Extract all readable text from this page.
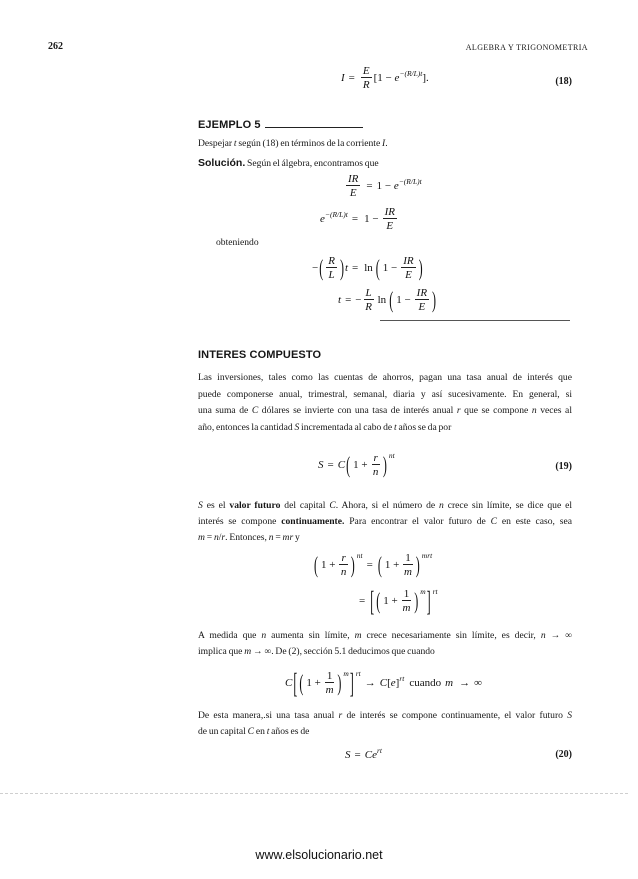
262	ALGEBRA Y TRIGONOMETRIA
$I = \frac{E}{R} [1 - e^{-(R/L)t}]$.	(18)
EJEMPLO 5
Despejar t según (18) en términos de la corriente I.
Solución. Según el álgebra, encontramos que
$\frac{IR}{E} = 1 - e^{-(R/L)t}$
$e^{-(R/L)t} = 1 - \frac{IR}{E}$
obteniendo
− ( $\frac{R}{L}$ ) t = ln ( $1 - \frac{IR}{E}$ )
t = − $\frac{L}{R}$ ln ( $1 - \frac{IR}{E}$ )
INTERES COMPUESTO
Las inversiones, tales como las cuentas de ahorros, pagan una tasa anual de interés que
puede componerse anual, trimestral, semanal, diaria y así sucesivamente. En general, si
una suma de C dólares se invierte con una tasa de interés anual r que se compone n veces al
año, entonces la cantidad S incrementada al cabo de t años se da por
S = C ( $1 + \frac{r}{n}$ ) nt
(19)
S es el valor futuro del capital C. Ahora, si el número de n crece sin límite, se dice que el
interés se compone continuamente. Para encontrar el valor futuro de C en este caso, sea
m = n/r. Entonces, n = mr y
( $1 + \frac{r}{n}$ ) nt
= ( $1 + \frac{1}{m}$ ) mrt
= [ ( $1 + \frac{1}{m}$ ) m ] rt
A medida que n aumenta sin límite, m crece necesariamente sin límite, es decir, n → ∞
implica que m → ∞. De (2), sección 5.1 deducimos que cuando
C [ ( $1 + \frac{1}{m}$ ) m ] rt
→ $C[e]^{rt}$ cuando m → ∞
De esta manera,.si una tasa anual r de interés se compone continuamente, el valor futuro S
de un capital C en t años es de
$S = Ce^{rt}$	(20)
www.elsolucionario.net
